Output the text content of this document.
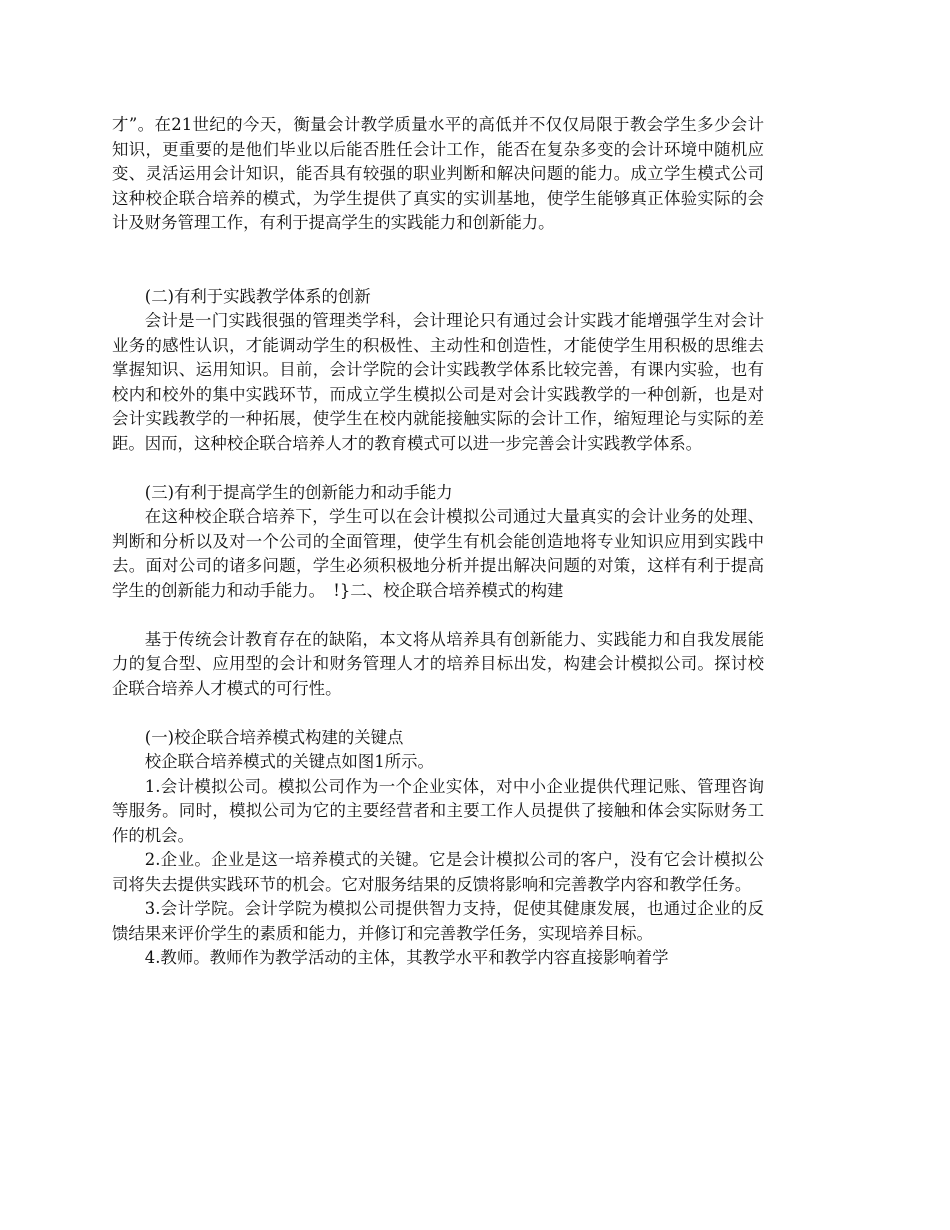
才”。在21世纪的今天，衡量会计教学质量水平的高低并不仅仅局限于教会学生多少会计知识，更重要的是他们毕业以后能否胜任会计工作，能否在复杂多变的会计环境中随机应变、灵活运用会计知识，能否具有较强的职业判断和解决问题的能力。成立学生模式公司这种校企联合培养的模式，为学生提供了真实的实训基地，使学生能够真正体验实际的会计及财务管理工作，有利于提高学生的实践能力和创新能力。

(二)有利于实践教学体系的创新

会计是一门实践很强的管理类学科，会计理论只有通过会计实践才能增强学生对会计业务的感性认识，才能调动学生的积极性、主动性和创造性，才能使学生用积极的思维去掌握知识、运用知识。目前，会计学院的会计实践教学体系比较完善，有课内实验，也有校内和校外的集中实践环节，而成立学生模拟公司是对会计实践教学的一种创新，也是对会计实践教学的一种拓展，使学生在校内就能接触实际的会计工作，缩短理论与实际的差距。因而，这种校企联合培养人才的教育模式可以进一步完善会计实践教学体系。

(三)有利于提高学生的创新能力和动手能力

在这种校企联合培养下，学生可以在会计模拟公司通过大量真实的会计业务的处理、判断和分析以及对一个公司的全面管理，使学生有机会能创造地将专业知识应用到实践中去。面对公司的诸多问题，学生必须积极地分析并提出解决问题的对策，这样有利于提高学生的创新能力和动手能力。　!}二、校企联合培养模式的构建

基于传统会计教育存在的缺陷，本文将从培养具有创新能力、实践能力和自我发展能力的复合型、应用型的会计和财务管理人才的培养目标出发，构建会计模拟公司。探讨校企联合培养人才模式的可行性。

(一)校企联合培养模式构建的关键点

校企联合培养模式的关键点如图1所示。

1.会计模拟公司。模拟公司作为一个企业实体，对中小企业提供代理记账、管理咨询等服务。同时，模拟公司为它的主要经营者和主要工作人员提供了接触和体会实际财务工作的机会。

2.企业。企业是这一培养模式的关键。它是会计模拟公司的客户，没有它会计模拟公司将失去提供实践环节的机会。它对服务结果的反馈将影响和完善教学内容和教学任务。

3.会计学院。会计学院为模拟公司提供智力支持，促使其健康发展，也通过企业的反馈结果来评价学生的素质和能力，并修订和完善教学任务，实现培养目标。

4.教师。教师作为教学活动的主体，其教学水平和教学内容直接影响着学
